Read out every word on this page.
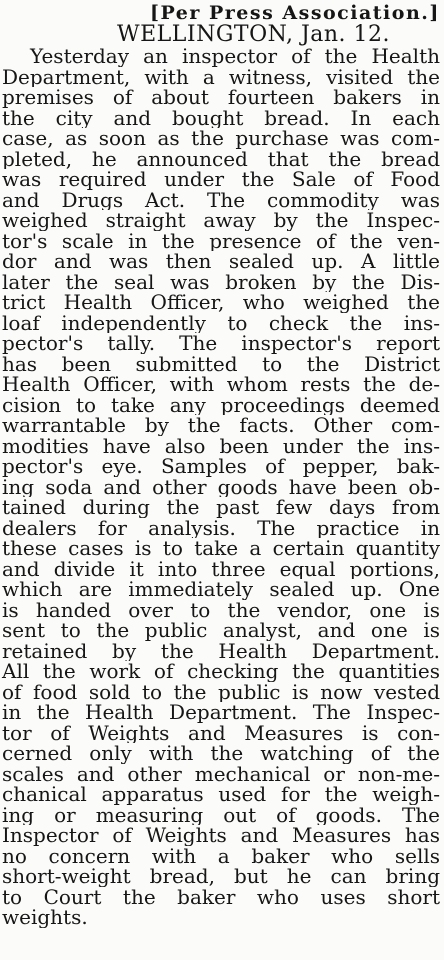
[Per Press Association.]
WELLINGTON, Jan. 12.
Yesterday an inspector of the Health
Department, with a witness, visited the
premises of about fourteen bakers in
the city and bought bread. In each
case, as soon as the purchase was com-
pleted, he announced that the bread
was required under the Sale of Food
and Drugs Act. The commodity was
weighed straight away by the Inspec-
tor's scale in the presence of the ven-
dor and was then sealed up. A little
later the seal was broken by the Dis-
trict Health Officer, who weighed the
loaf independently to check the ins-
pector's tally. The inspector's report
has been submitted to the District
Health Officer, with whom rests the de-
cision to take any proceedings deemed
warrantable by the facts. Other com-
modities have also been under the ins-
pector's eye. Samples of pepper, bak-
ing soda and other goods have been ob-
tained during the past few days from
dealers for analysis. The practice in
these cases is to take a certain quantity
and divide it into three equal portions,
which are immediately sealed up. One
is handed over to the vendor, one is
sent to the public analyst, and one is
retained by the Health Department.
All the work of checking the quantities
of food sold to the public is now vested
in the Health Department. The Inspec-
tor of Weights and Measures is con-
cerned only with the watching of the
scales and other mechanical or non-me-
chanical apparatus used for the weigh-
ing or measuring out of goods. The
Inspector of Weights and Measures has
no concern with a baker who sells
short-weight bread, but he can bring
to Court the baker who uses short
weights.
